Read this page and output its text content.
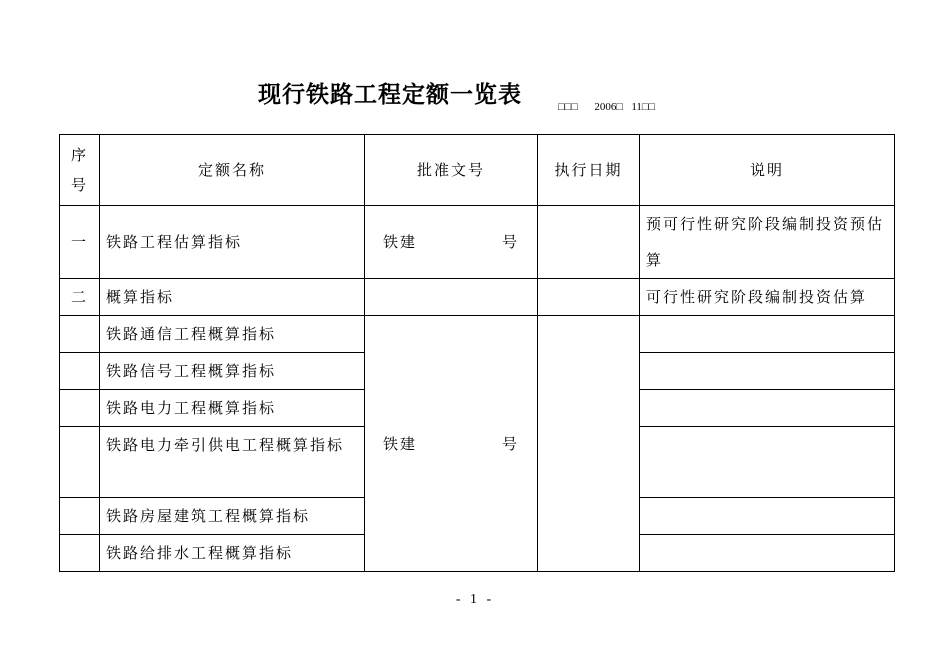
现行铁路工程定额一览表	□□□      2006□   11□□
序号	定额名称	批准文号	执行日期	说明
一	铁路工程估算指标	铁建 号		预可行性研究阶段编制投资预估算
二	概算指标			可行性研究阶段编制投资估算
	铁路通信工程概算指标	铁建 号		

	铁路信号工程概算指标			
	铁路电力工程概算指标			
	铁路电力牵引供电工程概算指标			
	铁路房屋建筑工程概算指标			
	铁路给排水工程概算指标			
- 1 -
